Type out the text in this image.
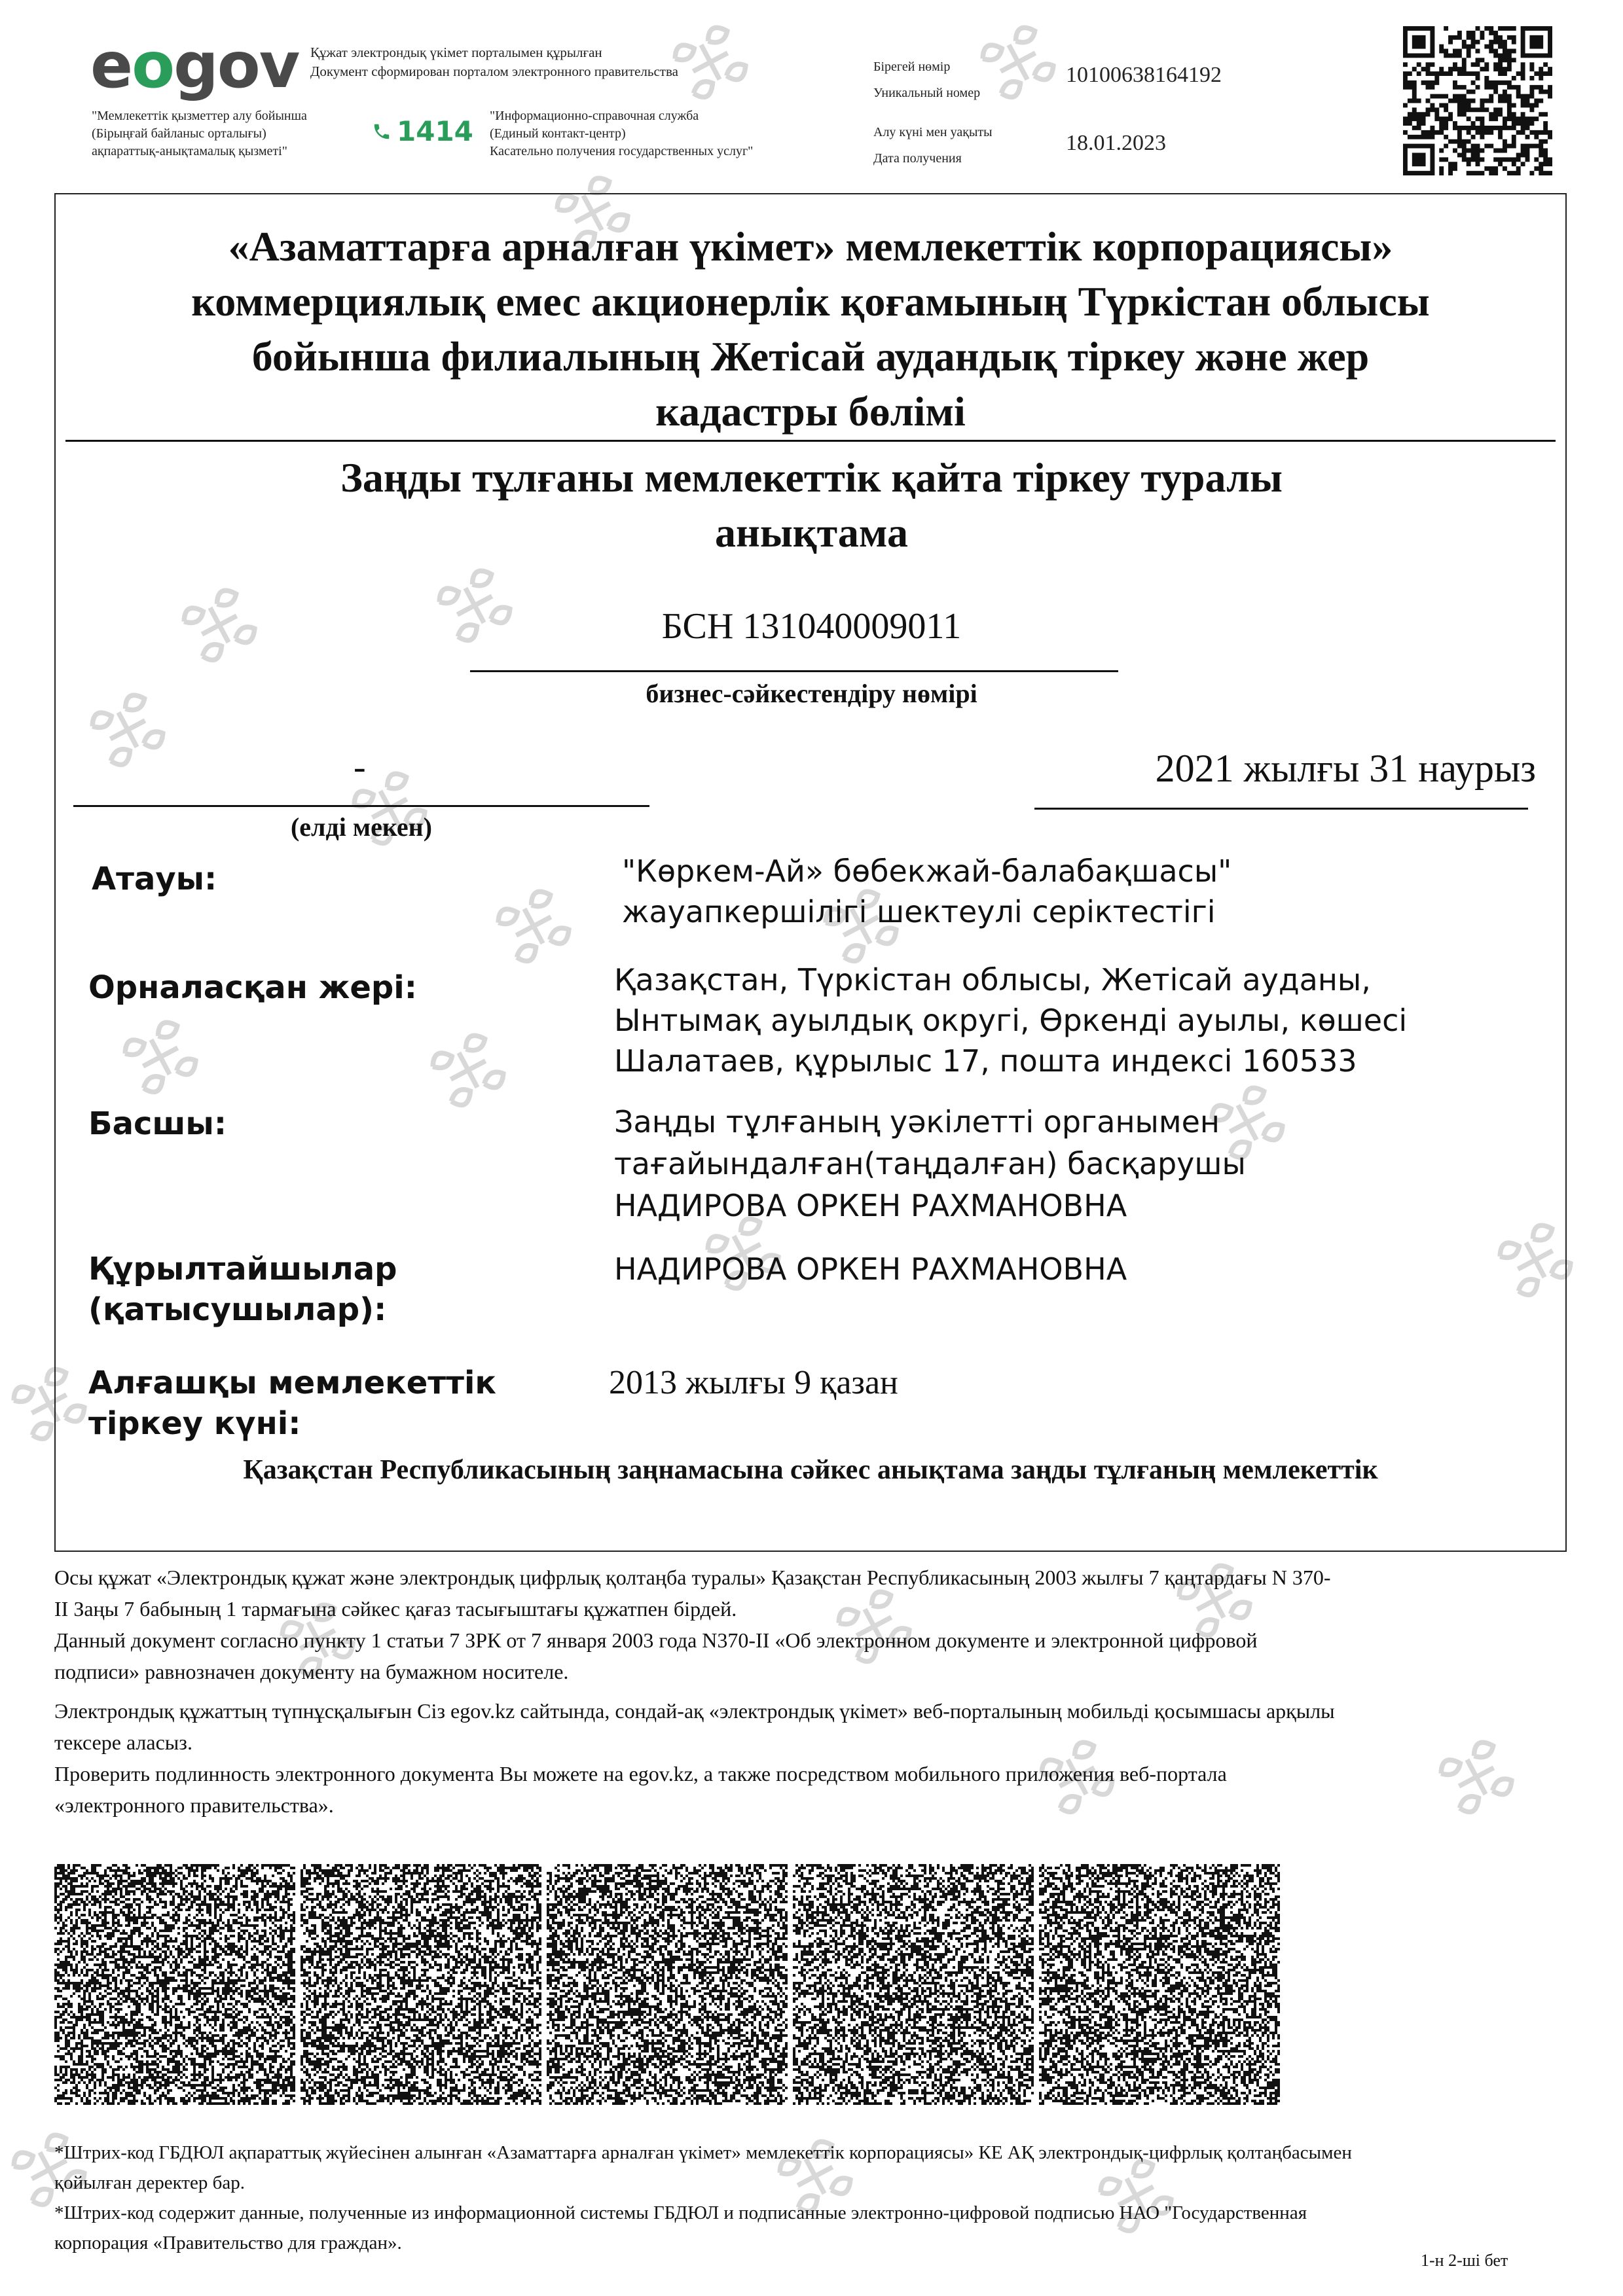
eogov Құжат электрондық үкімет порталымен құрылған
Документ сформирован порталом электронного правительства
"Мемлекеттік қызметтер алу бойынша
(Бірыңғай байланыс орталығы)
ақпараттық-анықтамалық қызметі"
1414 "Информационно-справочная служба
(Единый контакт-центр)
Касательно получения государственных услуг"
Бірегей нөмір
Уникальный номер
10100638164192
Алу күні мен уақыты
Дата получения
18.01.2023
«Азаматтарға арналған үкімет» мемлекеттік корпорациясы»
коммерциялық емес акционерлік қоғамының Түркістан облысы
бойынша филиалының Жетісай аудандық тіркеу және жер
кадастры бөлімі
Заңды тұлғаны мемлекеттік қайта тіркеу туралы
анықтама
БСН 131040009011
бизнес-сәйкестендіру нөмірі
-
(елді мекен)
2021 жылғы 31 наурыз
Атауы:	"Көркем-Ай» бөбекжай-балабақшасы"
жауапкершілігі шектеулі серіктестігі
Орналасқан жері:	Қазақстан, Түркістан облысы, Жетісай ауданы,
Ынтымақ ауылдық округі, Өркенді ауылы, көшесі
Шалатаев, құрылыс 17, пошта индексі 160533
Басшы:	Заңды тұлғаның уәкілетті органымен
тағайындалған(таңдалған) басқарушы
НАДИРОВА ОРКЕН РАХМАНОВНА
Құрылтайшылар
(қатысушылар):
НАДИРОВА ОРКЕН РАХМАНОВНА
Алғашқы мемлекеттік
тіркеу күні:
2013 жылғы 9 қазан
Қазақстан Республикасының заңнамасына сәйкес анықтама заңды тұлғаның мемлекеттік
Осы құжат «Электрондық құжат және электрондық цифрлық қолтаңба туралы» Қазақстан Республикасының 2003 жылғы 7 қаңтардағы N 370-
II Заңы 7 бабының 1 тармағына сәйкес қағаз тасығыштағы құжатпен бірдей.
Данный документ согласно пункту 1 статьи 7 ЗРК от 7 января 2003 года N370-II «Об электронном документе и электронной цифровой
подписи» равнозначен документу на бумажном носителе.
Электрондық құжаттың түпнұсқалығын Сіз egov.kz сайтында, сондай-ақ «электрондық үкімет» веб-порталының мобильді қосымшасы арқылы
тексере аласыз.
Проверить подлинность электронного документа Вы можете на egov.kz, а также посредством мобильного приложения веб-портала
«электронного правительства».
*Штрих-код ГБДЮЛ ақпараттық жүйесінен алынған «Азаматтарға арналған үкімет» мемлекеттік корпорациясы» КЕ АҚ электрондық-цифрлық қолтаңбасымен
қойылған деректер бар.
*Штрих-код содержит данные, полученные из информационной системы ГБДЮЛ и подписанные электронно-цифровой подписью НАО "Государственная
корпорация «Правительство для граждан».
1-н 2-ші бет
